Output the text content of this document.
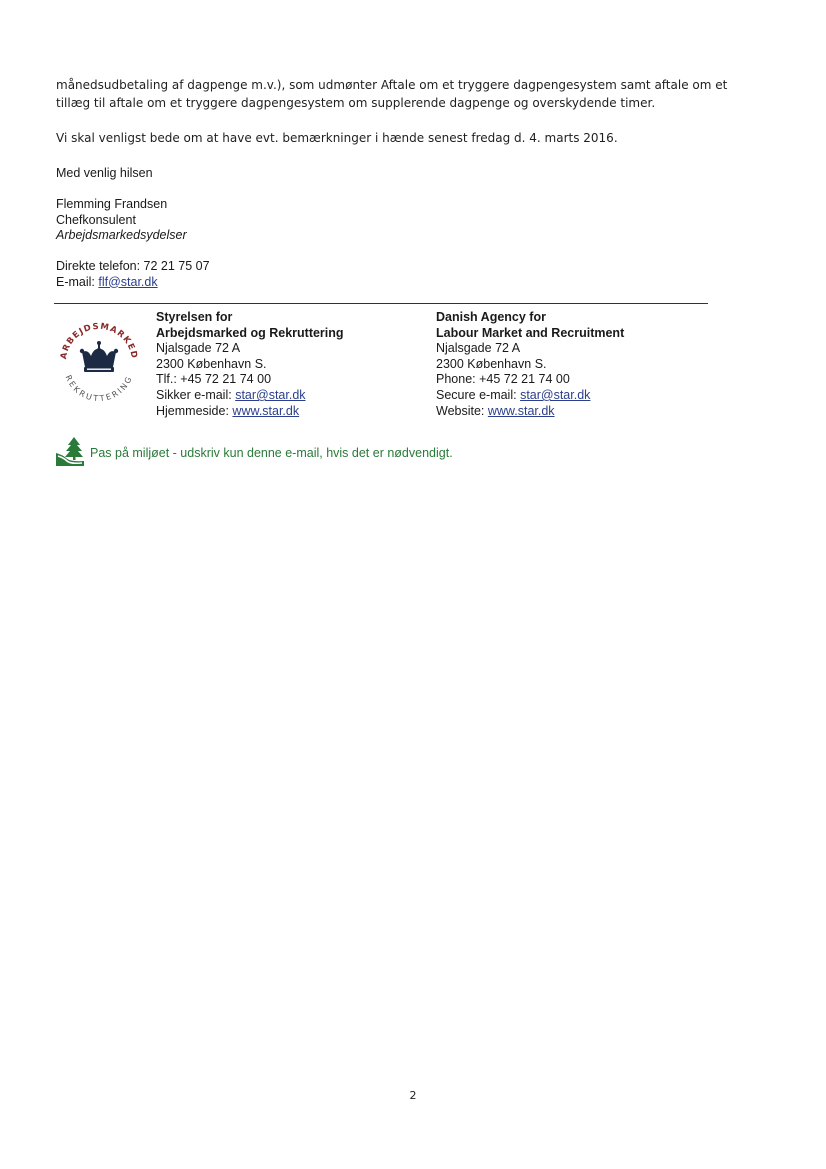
månedsudbetaling af dagpenge m.v.), som udmønter Aftale om et tryggere dagpengesystem samt aftale om et tillæg til aftale om et tryggere dagpengesystem om supplerende dagpenge og overskydende timer.
Vi skal venligst bede om at have evt. bemærkninger i hænde senest fredag d. 4. marts 2016.
Med venlig hilsen
Flemming Frandsen
Chefkonsulent
Arbejdsmarkedsydelser
Direkte telefon: 72 21 75 07
E-mail: flf@star.dk
ARBEJDSMARKED
REKRUTTERING
Styrelsen for
Arbejdsmarked og Rekruttering
Njalsgade 72 A
2300 København S.
Tlf.: +45 72 21 74 00
Sikker e-mail: star@star.dk
Hjemmeside: www.star.dk
Danish Agency for
Labour Market and Recruitment
Njalsgade 72 A
2300 København S.
Phone: +45 72 21 74 00
Secure e-mail: star@star.dk
Website: www.star.dk
Pas på miljøet - udskriv kun denne e-mail, hvis det er nødvendigt.
2
